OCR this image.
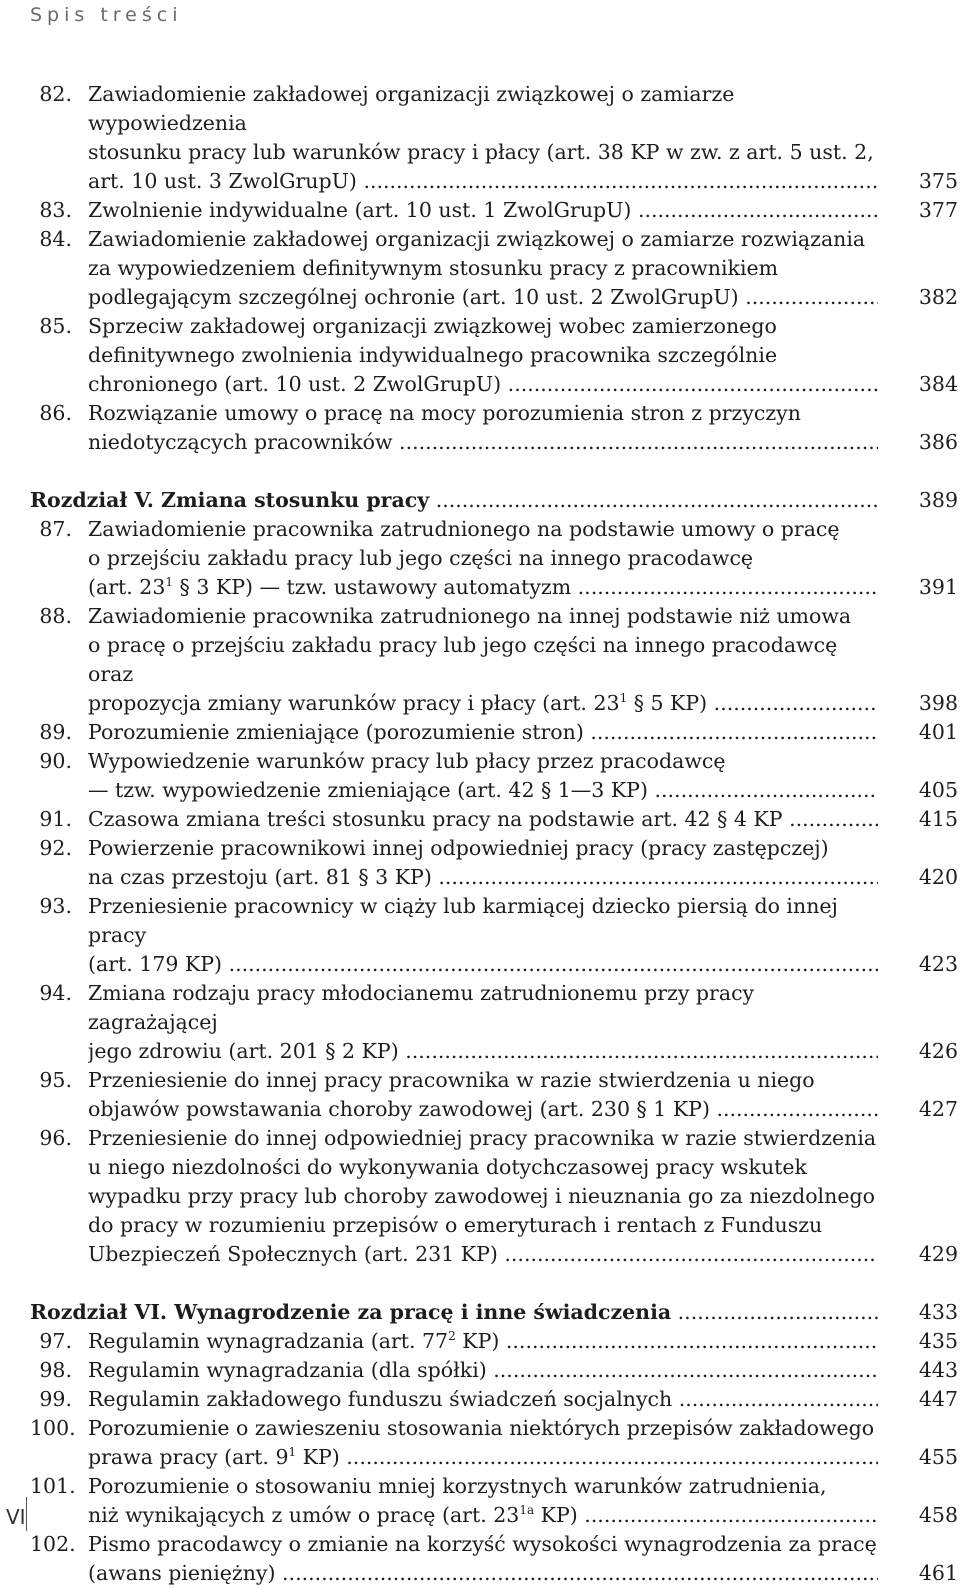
Spis treści
82. Zawiadomienie zakładowej organizacji związkowej o zamiarze wypowiedzenia
stosunku pracy lub warunków pracy i płacy (art. 38 KP w zw. z art. 5 ust. 2,
art. 10 ust. 3 ZwolGrupU) .....	375
83. Zwolnienie indywidualne (art. 10 ust. 1 ZwolGrupU) .....	377
84. Zawiadomienie zakładowej organizacji związkowej o zamiarze rozwiązania
za wypowiedzeniem definitywnym stosunku pracy z pracownikiem
podlegającym szczególnej ochronie (art. 10 ust. 2 ZwolGrupU) .....	382
85. Sprzeciw zakładowej organizacji związkowej wobec zamierzonego
definitywnego zwolnienia indywidualnego pracownika szczególnie
chronionego (art. 10 ust. 2 ZwolGrupU) .....	384
86. Rozwiązanie umowy o pracę na mocy porozumienia stron z przyczyn
niedotyczących pracowników .....	386
Rozdział V. Zmiana stosunku pracy .....	389
87. Zawiadomienie pracownika zatrudnionego na podstawie umowy o pracę
o przejściu zakładu pracy lub jego części na innego pracodawcę
(art. $23^1$ § 3 KP) — tzw. ustawowy automatyzm .....	391
88. Zawiadomienie pracownika zatrudnionego na innej podstawie niż umowa
o pracę o przejściu zakładu pracy lub jego części na innego pracodawcę oraz
propozycja zmiany warunków pracy i płacy (art. $23^1$ § 5 KP) .....	398
89. Porozumienie zmieniające (porozumienie stron) .....	401
90. Wypowiedzenie warunków pracy lub płacy przez pracodawcę
— tzw. wypowiedzenie zmieniające (art. 42 § 1—3 KP) .....	405
91. Czasowa zmiana treści stosunku pracy na podstawie art. 42 § 4 KP .....	415
92. Powierzenie pracownikowi innej odpowiedniej pracy (pracy zastępczej)
na czas przestoju (art. 81 § 3 KP) .....	420
93. Przeniesienie pracownicy w ciąży lub karmiącej dziecko piersią do innej pracy
(art. 179 KP) .....	423
94. Zmiana rodzaju pracy młodocianemu zatrudnionemu przy pracy zagrażającej
jego zdrowiu (art. 201 § 2 KP) .....	426
95. Przeniesienie do innej pracy pracownika w razie stwierdzenia u niego
objawów powstawania choroby zawodowej (art. 230 § 1 KP) .....	427
96. Przeniesienie do innej odpowiedniej pracy pracownika w razie stwierdzenia
u niego niezdolności do wykonywania dotychczasowej pracy wskutek
wypadku przy pracy lub choroby zawodowej i nieuznania go za niezdolnego
do pracy w rozumieniu przepisów o emeryturach i rentach z Funduszu
Ubezpieczeń Społecznych (art. 231 KP) .....	429
Rozdział VI. Wynagrodzenie za pracę i inne świadczenia .....	433
97. Regulamin wynagradzania (art. $77^2$ KP) .....	435
98. Regulamin wynagradzania (dla spółki) .....	443
99. Regulamin zakładowego funduszu świadczeń socjalnych .....	447
100. Porozumienie o zawieszeniu stosowania niektórych przepisów zakładowego
prawa pracy (art. $9^1$ KP) .....	455
101. Porozumienie o stosowaniu mniej korzystnych warunków zatrudnienia,
niż wynikających z umów o pracę (art. $23^{1a}$ KP) .....	458
102. Pismo pracodawcy o zmianie na korzyść wysokości wynagrodzenia za pracę
(awans pieniężny) .....	461
VI
